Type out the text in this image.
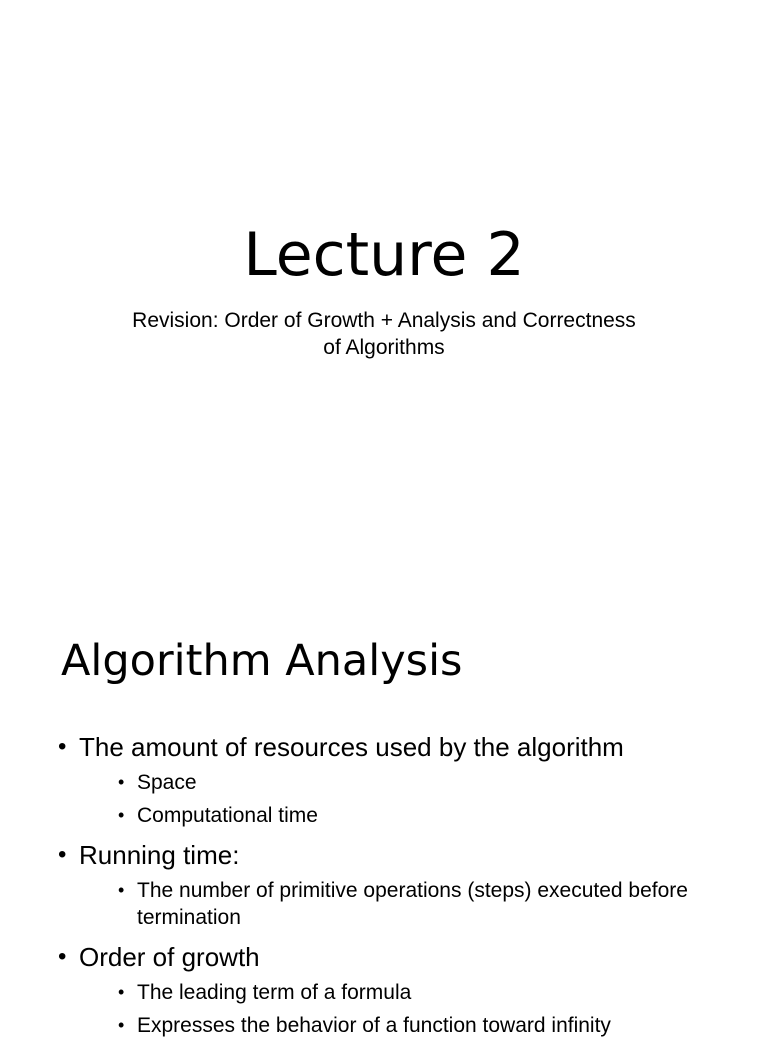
Lecture 2
Revision: Order of Growth + Analysis and Correctness
of Algorithms
Algorithm Analysis
• The amount of resources used by the algorithm
• Space
• Computational time
• Running time:
• The number of primitive operations (steps) executed before termination
• Order of growth
• The leading term of a formula
• Expresses the behavior of a function toward infinity
